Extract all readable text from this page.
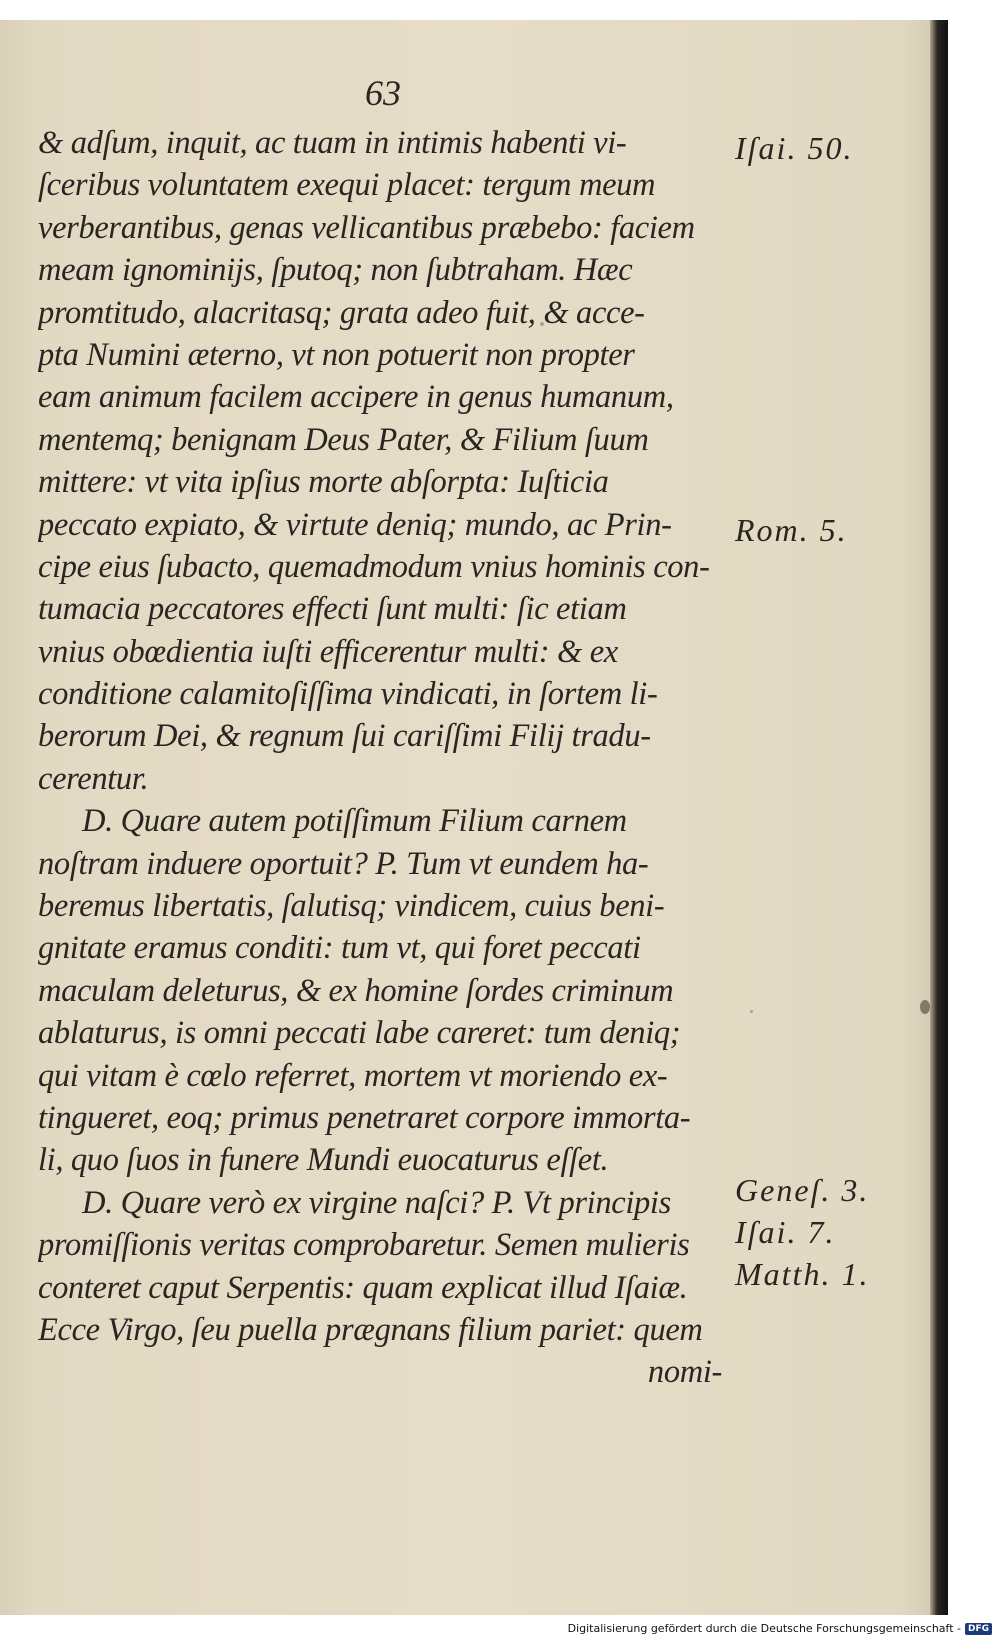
63
& adſum, inquit, ac tuam in intimis habenti vi-
ſceribus voluntatem exequi placet: tergum meum
verberantibus, genas vellicantibus præbebo: faciem
meam ignominijs, ſputoq; non ſubtraham. Hæc
promtitudo, alacritasq; grata adeo fuit, & acce-
pta Numini æterno, vt non potuerit non propter
eam animum facilem accipere in genus humanum,
mentemq; benignam Deus Pater, & Filium ſuum
mittere: vt vita ipſius morte abſorpta: Iuſticia
peccato expiato, & virtute deniq; mundo, ac Prin-
cipe eius ſubacto, quemadmodum vnius hominis con-
tumacia peccatores effecti ſunt multi: ſic etiam
vnius obœdientia iuſti efficerentur multi: & ex
conditione calamitoſiſſima vindicati, in ſortem li-
berorum Dei, & regnum ſui cariſſimi Filij tradu-
cerentur.
D. Quare autem potiſſimum Filium carnem
noſtram induere oportuit? P. Tum vt eundem ha-
beremus libertatis, ſalutisq; vindicem, cuius beni-
gnitate eramus conditi: tum vt, qui foret peccati
maculam deleturus, & ex homine ſordes criminum
ablaturus, is omni peccati labe careret: tum deniq;
qui vitam è cœlo referret, mortem vt moriendo ex-
tingueret, eoq; primus penetraret corpore immorta-
li, quo ſuos in funere Mundi euocaturus eſſet.
D. Quare verò ex virgine naſci? P. Vt principis
promiſſionis veritas comprobaretur. Semen mulieris
conteret caput Serpentis: quam explicat illud Iſaiæ.
Ecce Virgo, ſeu puella prægnans filium pariet: quem
nomi-
Iſai. 50.
Rom. 5.
Geneſ. 3.
Iſai. 7.
Matth. 1.
Digitalisierung gefördert durch die Deutsche Forschungsgemeinschaft - DFG
